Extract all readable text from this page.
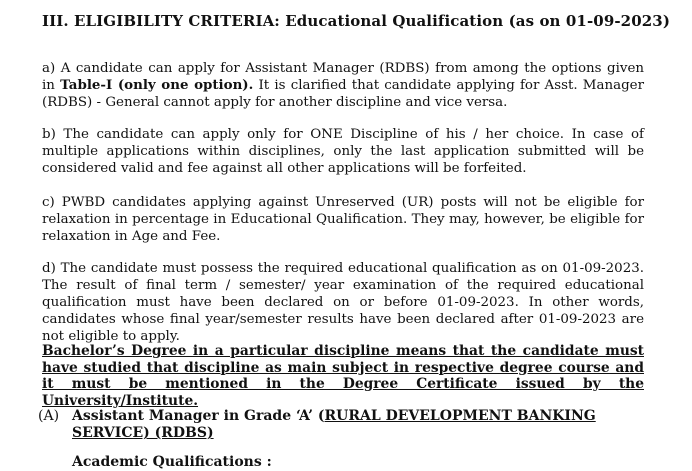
III. ELIGIBILITY CRITERIA: Educational Qualification (as on 01-09-2023)
a) A candidate can apply for Assistant Manager (RDBS) from among the options given in Table-I (only one option). It is clarified that candidate applying for Asst. Manager (RDBS) - General cannot apply for another discipline and vice versa.
b) The candidate can apply only for ONE Discipline of his / her choice. In case of multiple applications within disciplines, only the last application submitted will be considered valid and fee against all other applications will be forfeited.
c) PWBD candidates applying against Unreserved (UR) posts will not be eligible for relaxation in percentage in Educational Qualification. They may, however, be eligible for relaxation in Age and Fee.
d) The candidate must possess the required educational qualification as on 01-09-2023. The result of final term / semester/ year examination of the required educational qualification must have been declared on or before 01-09-2023. In other words, candidates whose final year/semester results have been declared after 01-09-2023 are not eligible to apply.
Bachelor’s Degree in a particular discipline means that the candidate must have studied that discipline as main subject in respective degree course and it must be mentioned in the Degree Certificate issued by the University/Institute.
(A) Assistant Manager in Grade ‘A’ (RURAL DEVELOPMENT BANKING SERVICE) (RDBS)
Academic Qualifications :
